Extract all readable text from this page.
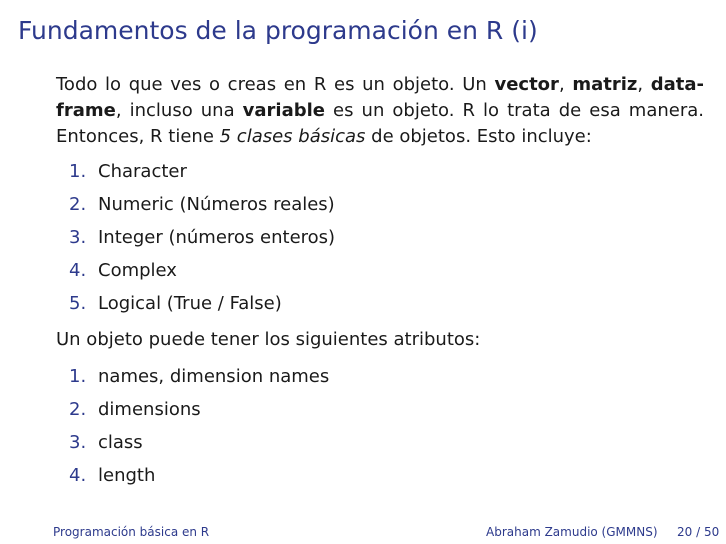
Fundamentos de la programación en R (i)

Todo lo que ves o creas en R es un objeto. Un vector, matriz, data-frame, incluso una variable es un objeto. R lo trata de esa manera. Entonces, R tiene 5 clases básicas de objetos. Esto incluye:

1. Character
2. Numeric (Números reales)
3. Integer (números enteros)
4. Complex
5. Logical (True / False)

Un objeto puede tener los siguientes atributos:

1. names, dimension names
2. dimensions
3. class
4. length
Programación básica en R	Abraham Zamudio (GMMNS) 20 / 50
